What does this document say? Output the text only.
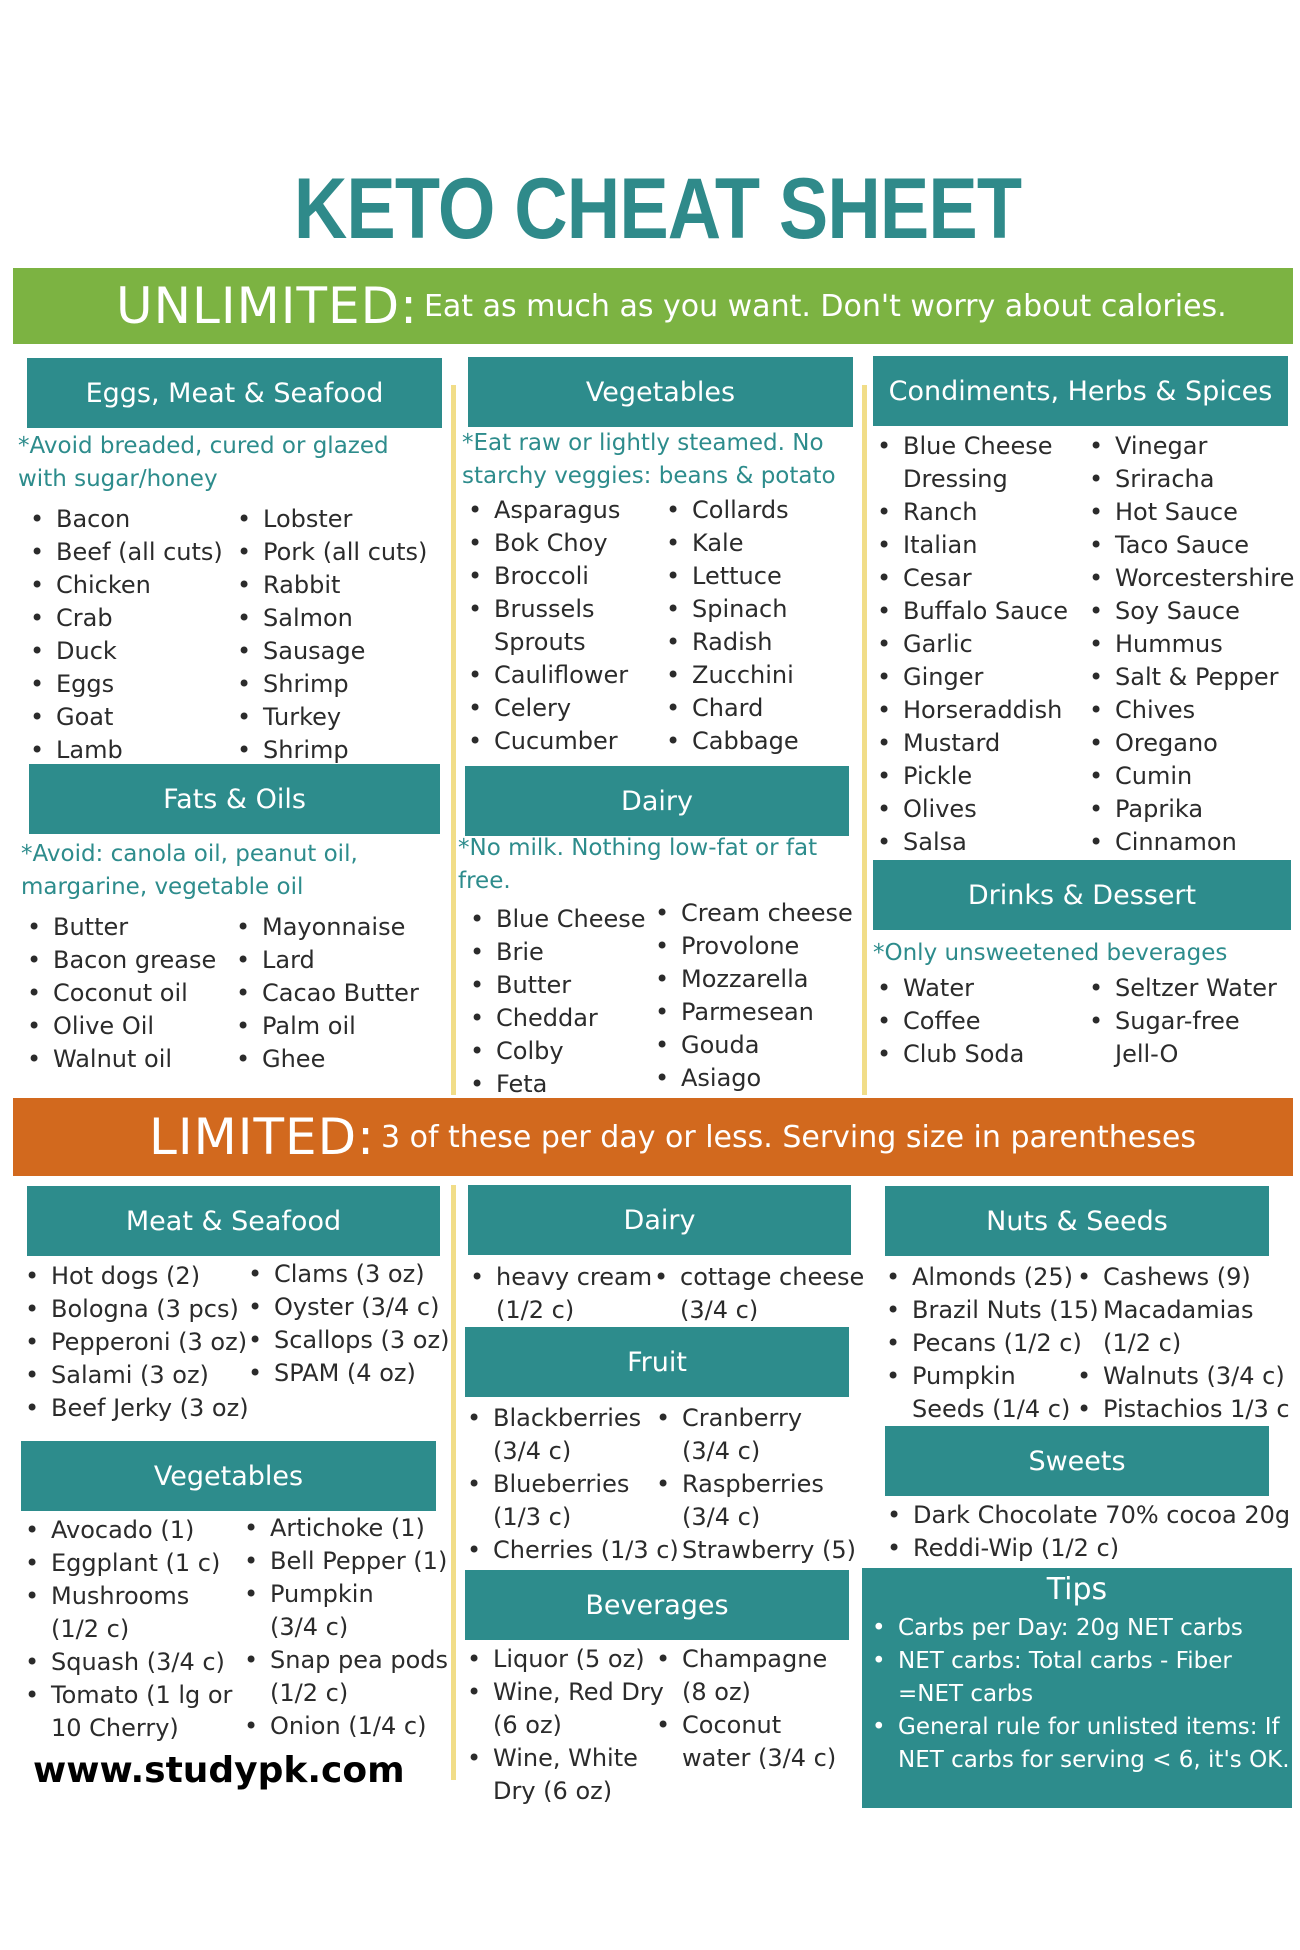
KETO CHEAT SHEET
UNLIMITED: Eat as much as you want. Don't worry about calories.
Eggs, Meat & Seafood
*Avoid breaded, cured or glazed
with sugar/honey
• Bacon
• Beef (all cuts)
• Chicken
• Crab
• Duck
• Eggs
• Goat
• Lamb
• Lobster
• Pork (all cuts)
• Rabbit
• Salmon
• Sausage
• Shrimp
• Turkey
• Shrimp
Vegetables
*Eat raw or lightly steamed. No
starchy veggies: beans & potato
• Asparagus
• Bok Choy
• Broccoli
• Brussels
Sprouts
• Cauliflower
• Celery
• Cucumber
• Collards
• Kale
• Lettuce
• Spinach
• Radish
• Zucchini
• Chard
• Cabbage
Condiments, Herbs & Spices
• Blue Cheese
Dressing
• Ranch
• Italian
• Cesar
• Buffalo Sauce
• Garlic
• Ginger
• Horseraddish
• Mustard
• Pickle
• Olives
• Salsa
• Vinegar
• Sriracha
• Hot Sauce
• Taco Sauce
• Worcestershire
• Soy Sauce
• Hummus
• Salt & Pepper
• Chives
• Oregano
• Cumin
• Paprika
• Cinnamon
Fats & Oils
*Avoid: canola oil, peanut oil,
margarine, vegetable oil
• Butter
• Bacon grease
• Coconut oil
• Olive Oil
• Walnut oil
• Mayonnaise
• Lard
• Cacao Butter
• Palm oil
• Ghee
Dairy
*No milk. Nothing low-fat or fat
free.
• Blue Cheese
• Brie
• Butter
• Cheddar
• Colby
• Feta
• Cream cheese
• Provolone
• Mozzarella
• Parmesean
• Gouda
• Asiago
Drinks & Dessert
*Only unsweetened beverages
• Water
• Coffee
• Club Soda
• Seltzer Water
• Sugar-free
Jell-O
LIMITED: 3 of these per day or less. Serving size in parentheses
Meat & Seafood
• Hot dogs (2)
• Bologna (3 pcs)
• Pepperoni (3 oz)
• Salami (3 oz)
• Beef Jerky (3 oz)
• Clams (3 oz)
• Oyster (3/4 c)
• Scallops (3 oz)
• SPAM (4 oz)
Vegetables
• Avocado (1)
• Eggplant (1 c)
• Mushrooms
(1/2 c)
• Squash (3/4 c)
• Tomato (1 lg or
10 Cherry)
• Artichoke (1)
• Bell Pepper (1)
• Pumpkin
(3/4 c)
• Snap pea pods
(1/2 c)
• Onion (1/4 c)
Dairy
• heavy cream
(1/2 c)
• cottage cheese
(3/4 c)
Fruit
• Blackberries
(3/4 c)
• Blueberries
(1/3 c)
• Cherries (1/3 c)
• Cranberry
(3/4 c)
• Raspberries
(3/4 c)
Strawberry (5)
Beverages
• Liquor (5 oz)
• Wine, Red Dry
(6 oz)
• Wine, White
Dry (6 oz)
• Champagne
(8 oz)
• Coconut
water (3/4 c)
Nuts & Seeds
• Almonds (25)
• Brazil Nuts (15)
• Pecans (1/2 c)
• Pumpkin
Seeds (1/4 c)
• Cashews (9)
Macadamias
(1/2 c)
• Walnuts (3/4 c)
• Pistachios 1/3 c
Sweets
• Dark Chocolate 70% cocoa 20g
• Reddi-Wip (1/2 c)
Tips
• Carbs per Day: 20g NET carbs
• NET carbs: Total carbs - Fiber
=NET carbs
• General rule for unlisted items: If
NET carbs for serving < 6, it's OK.
www.studypk.com
